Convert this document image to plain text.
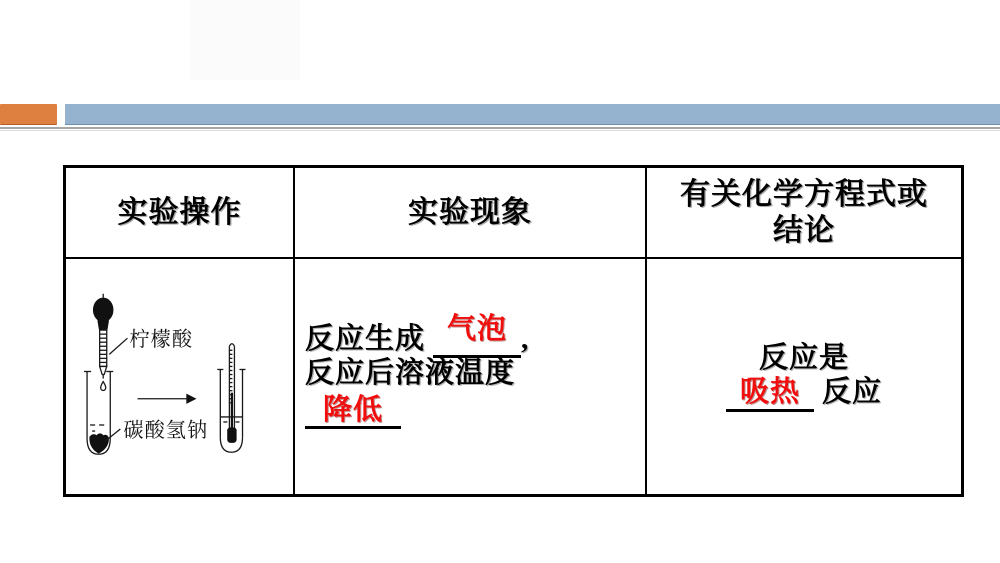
实验操作	实验现象
有关化学方程式或
结论
柠檬酸
碳酸氢钠
反应生成 气泡 ,
反应后溶液温度
降低
反应是
吸热 反应
